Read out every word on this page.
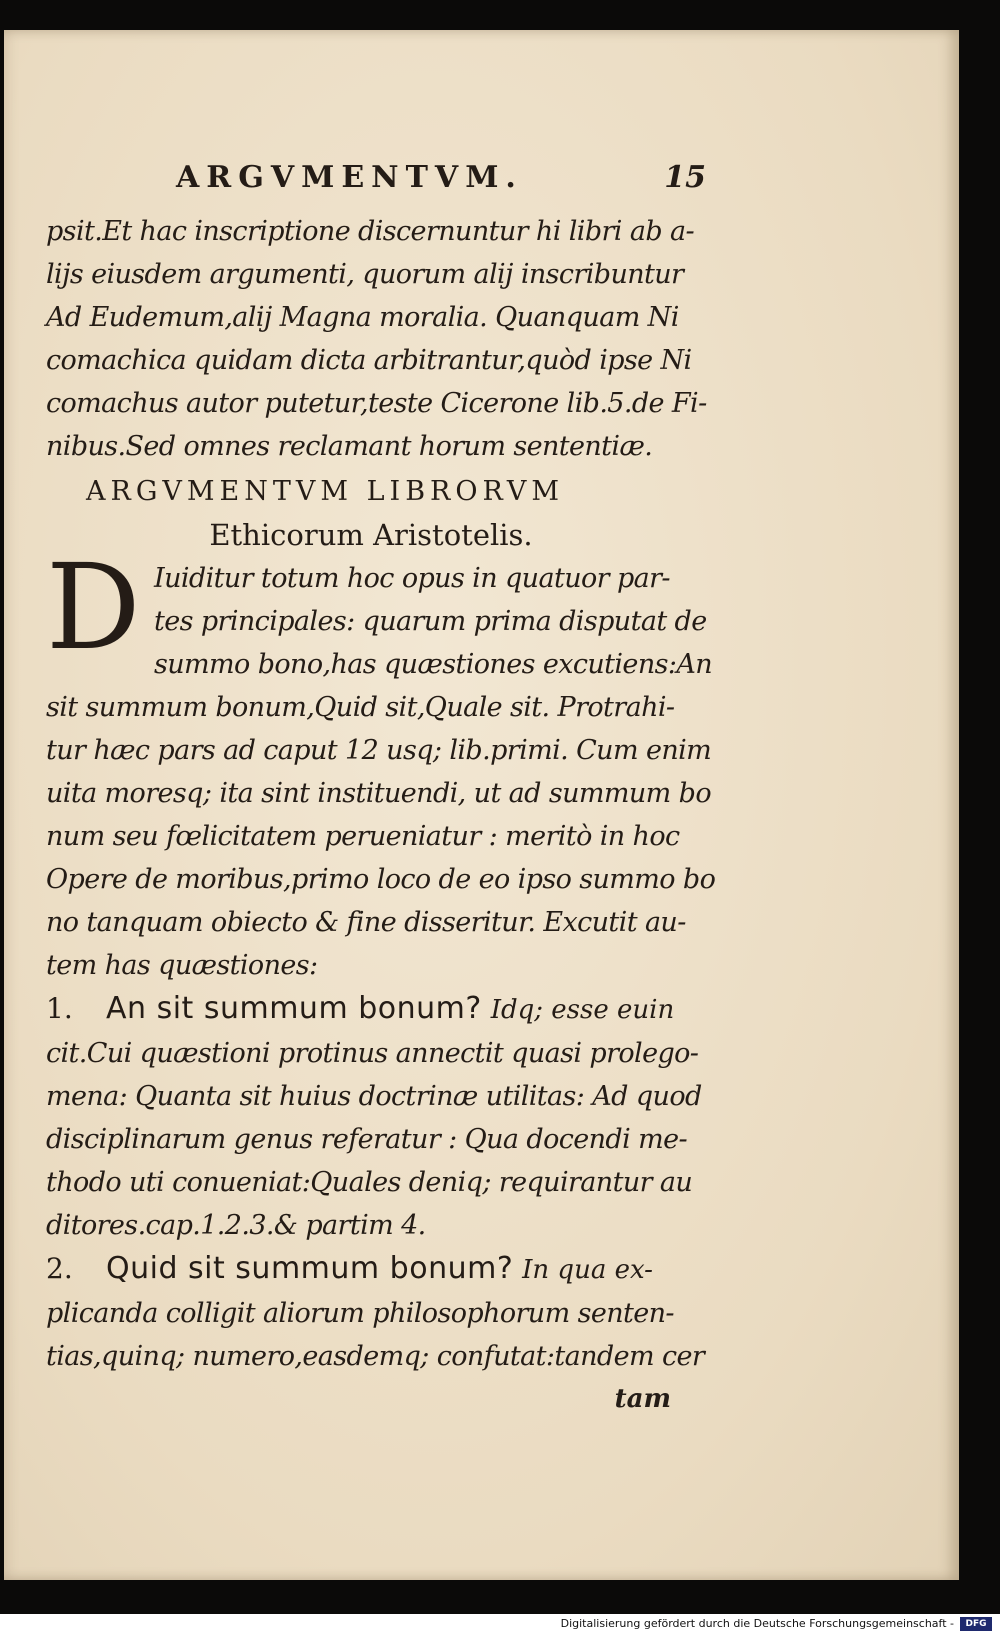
ARGVMENTVM.	15
psit.Et hac inscriptione discernuntur hi libri ab a-
lijs eiusdem argumenti, quorum alij inscribuntur
Ad Eudemum,alij Magna moralia. Quanquam Ni
comachica quidam dicta arbitrantur,quòd ipse Ni
comachus autor putetur,teste Cicerone lib.5.de Fi-
nibus.Sed omnes reclamant horum sententiæ.
ARGVMENTVM LIBRORVM
Ethicorum Aristotelis.
D Iuiditur totum hoc opus in quatuor par-
tes principales: quarum prima disputat de
summo bono,has quæstiones excutiens:An
sit summum bonum,Quid sit,Quale sit. Protrahi-
tur hæc pars ad caput 12 usq; lib.primi. Cum enim
uita moresq; ita sint instituendi, ut ad summum bo
num seu fœlicitatem perueniatur : meritò in hoc
Opere de moribus,primo loco de eo ipso summo bo
no tanquam obiecto & fine disseritur. Excutit au-
tem has quæstiones:
1. An sit summum bonum? Idq; esse euin
cit.Cui quæstioni protinus annectit quasi prolego-
mena: Quanta sit huius doctrinæ utilitas: Ad quod
disciplinarum genus referatur : Qua docendi me-
thodo uti conueniat:Quales deniq; requirantur au
ditores.cap.1.2.3.& partim 4.
2. Quid sit summum bonum? In qua ex-
plicanda colligit aliorum philosophorum senten-
tias,quinq; numero,easdemq; confutat:tandem cer
tam
Digitalisierung gefördert durch die Deutsche Forschungsgemeinschaft -	DFG
